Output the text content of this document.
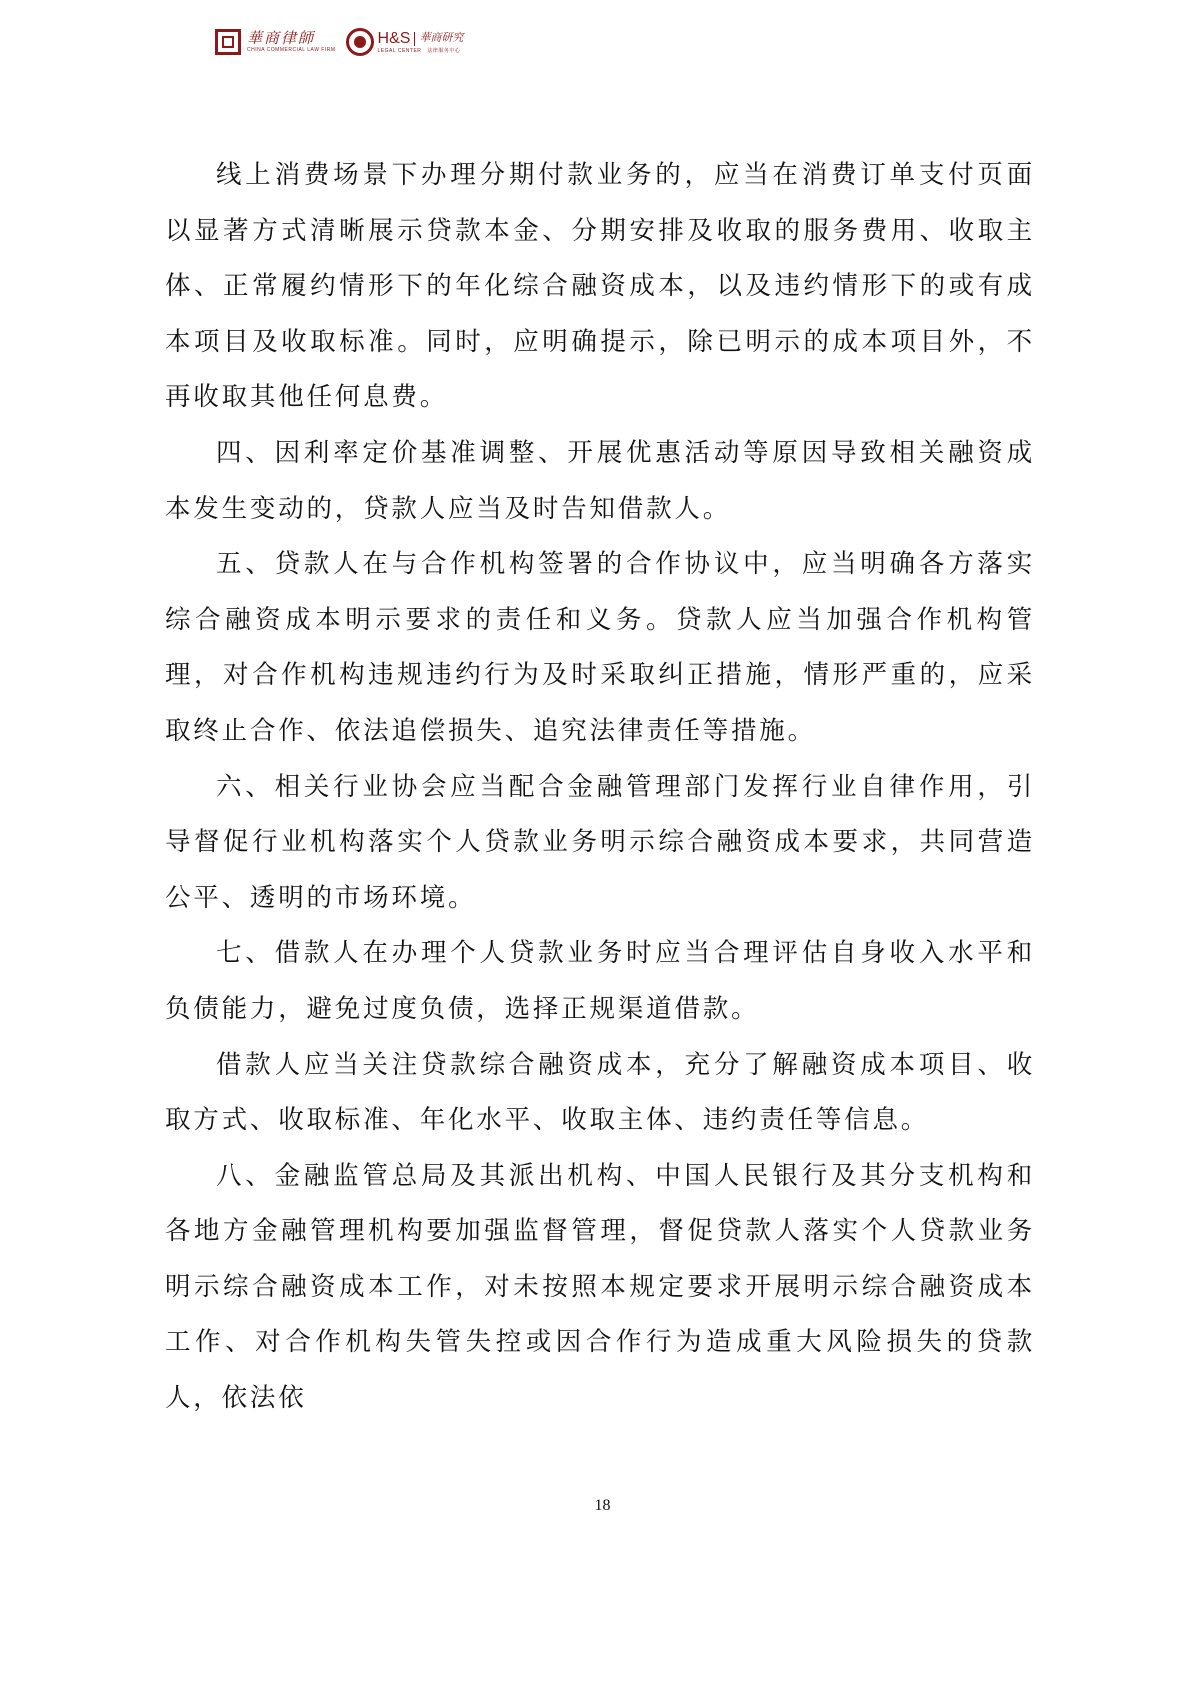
華商律師
CHINA COMMERCIAL LAW FIRM
H&S 華商研究
LEGAL CENTER 法律服务中心

线上消费场景下办理分期付款业务的，应当在消费订单支付页面以显著方式清晰展示贷款本金、分期安排及收取的服务费用、收取主体、正常履约情形下的年化综合融资成本，以及违约情形下的或有成本项目及收取标准。同时，应明确提示，除已明示的成本项目外，不再收取其他任何息费。

四、因利率定价基准调整、开展优惠活动等原因导致相关融资成本发生变动的，贷款人应当及时告知借款人。

五、贷款人在与合作机构签署的合作协议中，应当明确各方落实综合融资成本明示要求的责任和义务。贷款人应当加强合作机构管理，对合作机构违规违约行为及时采取纠正措施，情形严重的，应采取终止合作、依法追偿损失、追究法律责任等措施。

六、相关行业协会应当配合金融管理部门发挥行业自律作用，引导督促行业机构落实个人贷款业务明示综合融资成本要求，共同营造公平、透明的市场环境。

七、借款人在办理个人贷款业务时应当合理评估自身收入水平和负债能力，避免过度负债，选择正规渠道借款。

借款人应当关注贷款综合融资成本，充分了解融资成本项目、收取方式、收取标准、年化水平、收取主体、违约责任等信息。

八、金融监管总局及其派出机构、中国人民银行及其分支机构和各地方金融管理机构要加强监督管理，督促贷款人落实个人贷款业务明示综合融资成本工作，对未按照本规定要求开展明示综合融资成本工作、对合作机构失管失控或因合作行为造成重大风险损失的贷款人，依法依

18
